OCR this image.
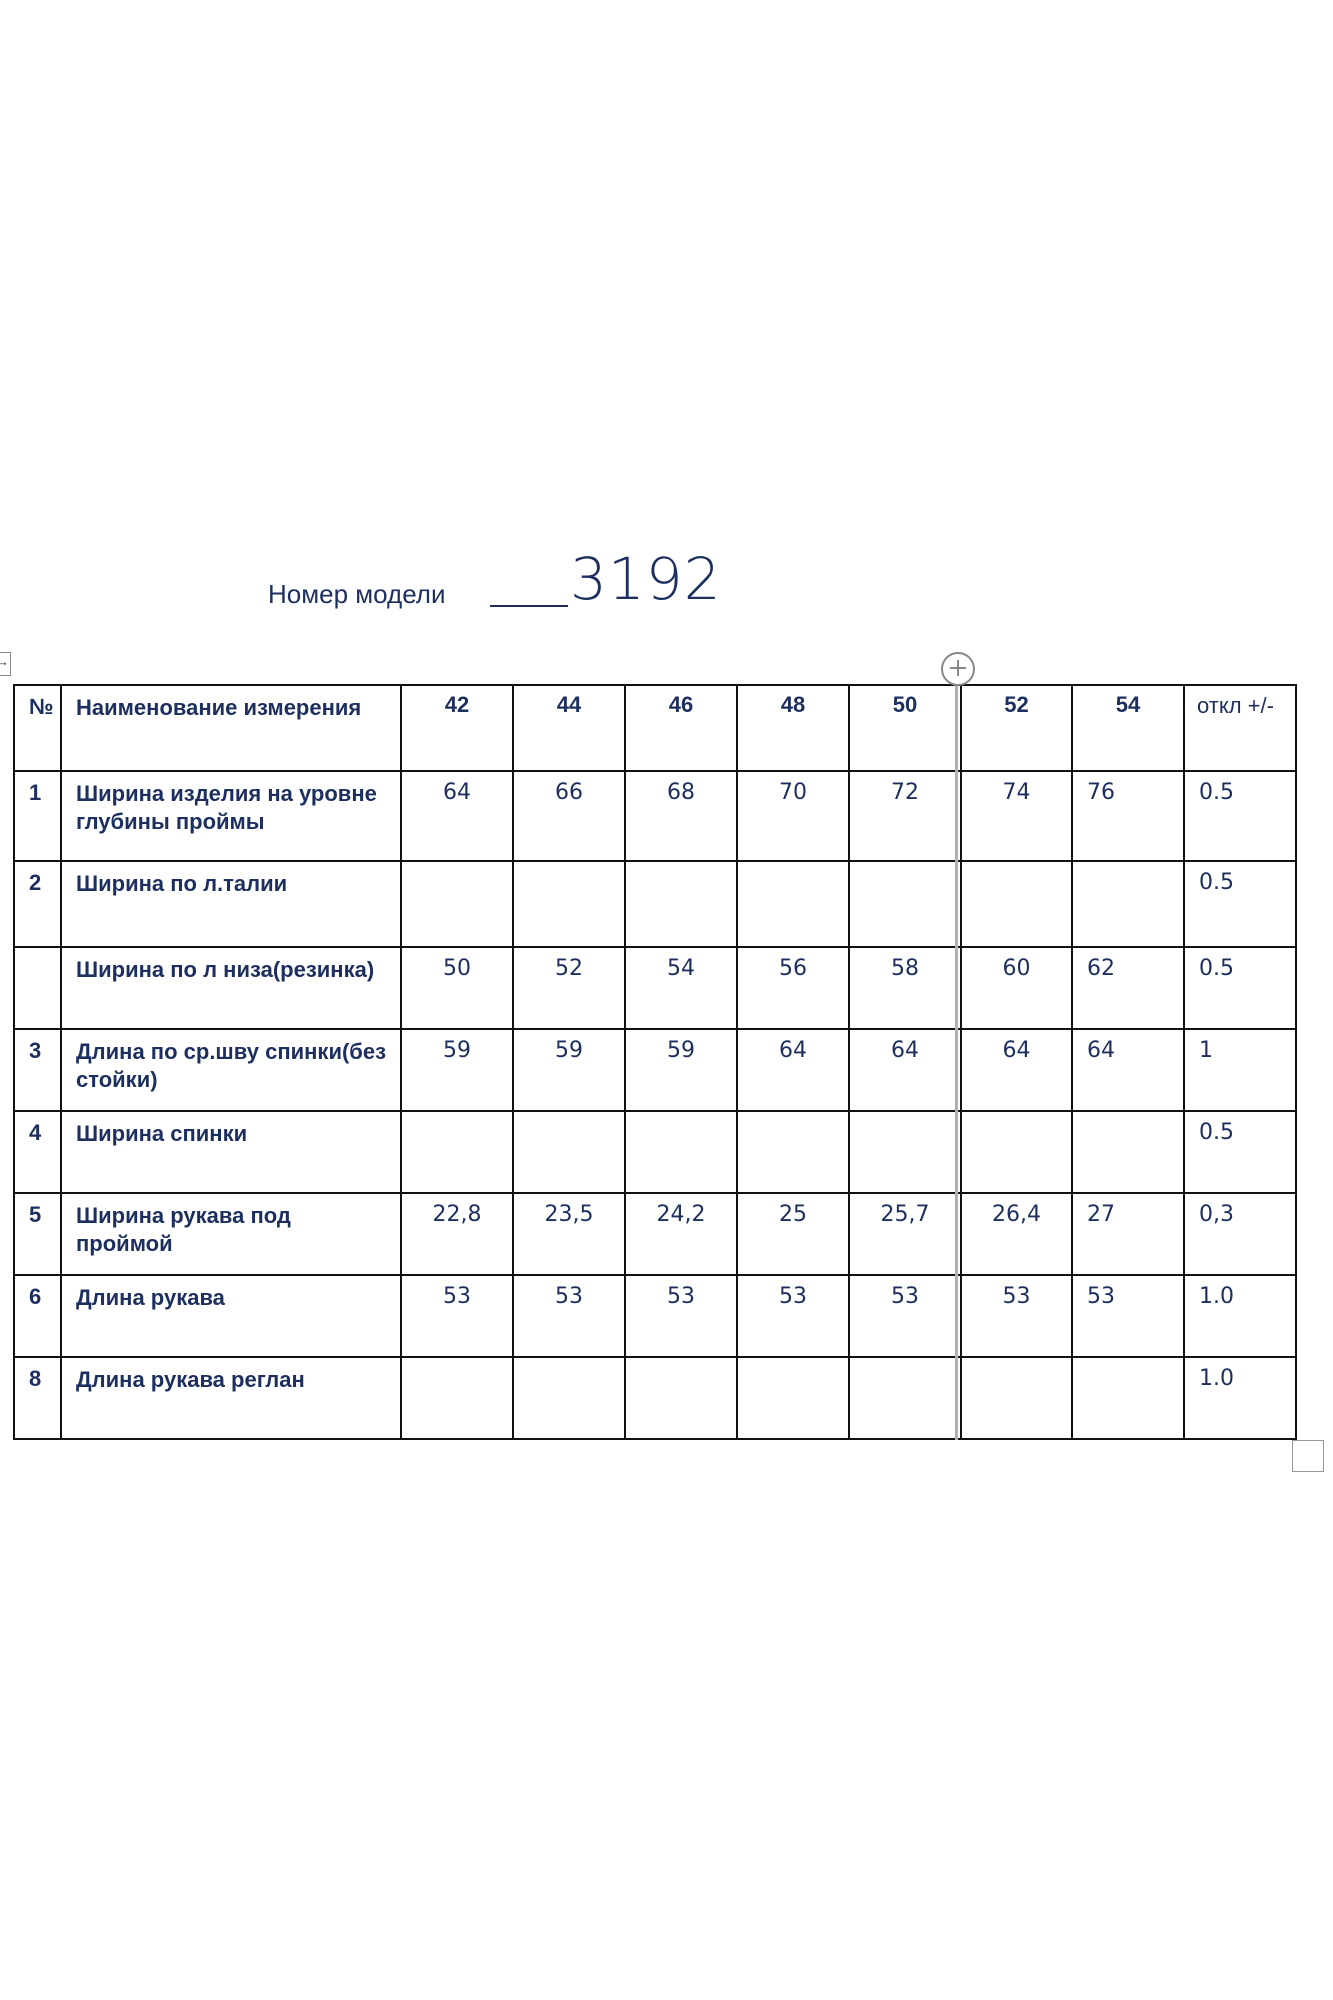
Номер модели 3192
→
№	Наименование измерения	42	44	46	48	50	52	54	откл +/-
1	Ширина изделия на уровне глубины проймы	64	66	68	70	72	74	76	0.5
2	Ширина по л.талии								0.5
	Ширина по л низа(резинка)	50	52	54	56	58	60	62	0.5
3	Длина по ср.шву спинки(без стойки)	59	59	59	64	64	64	64	1
4	Ширина спинки								0.5
5	Ширина рукава под проймой	22,8	23,5	24,2	25	25,7	26,4	27	0,3
6	Длина рукава	53	53	53	53	53	53	53	1.0
8	Длина рукава реглан								1.0
